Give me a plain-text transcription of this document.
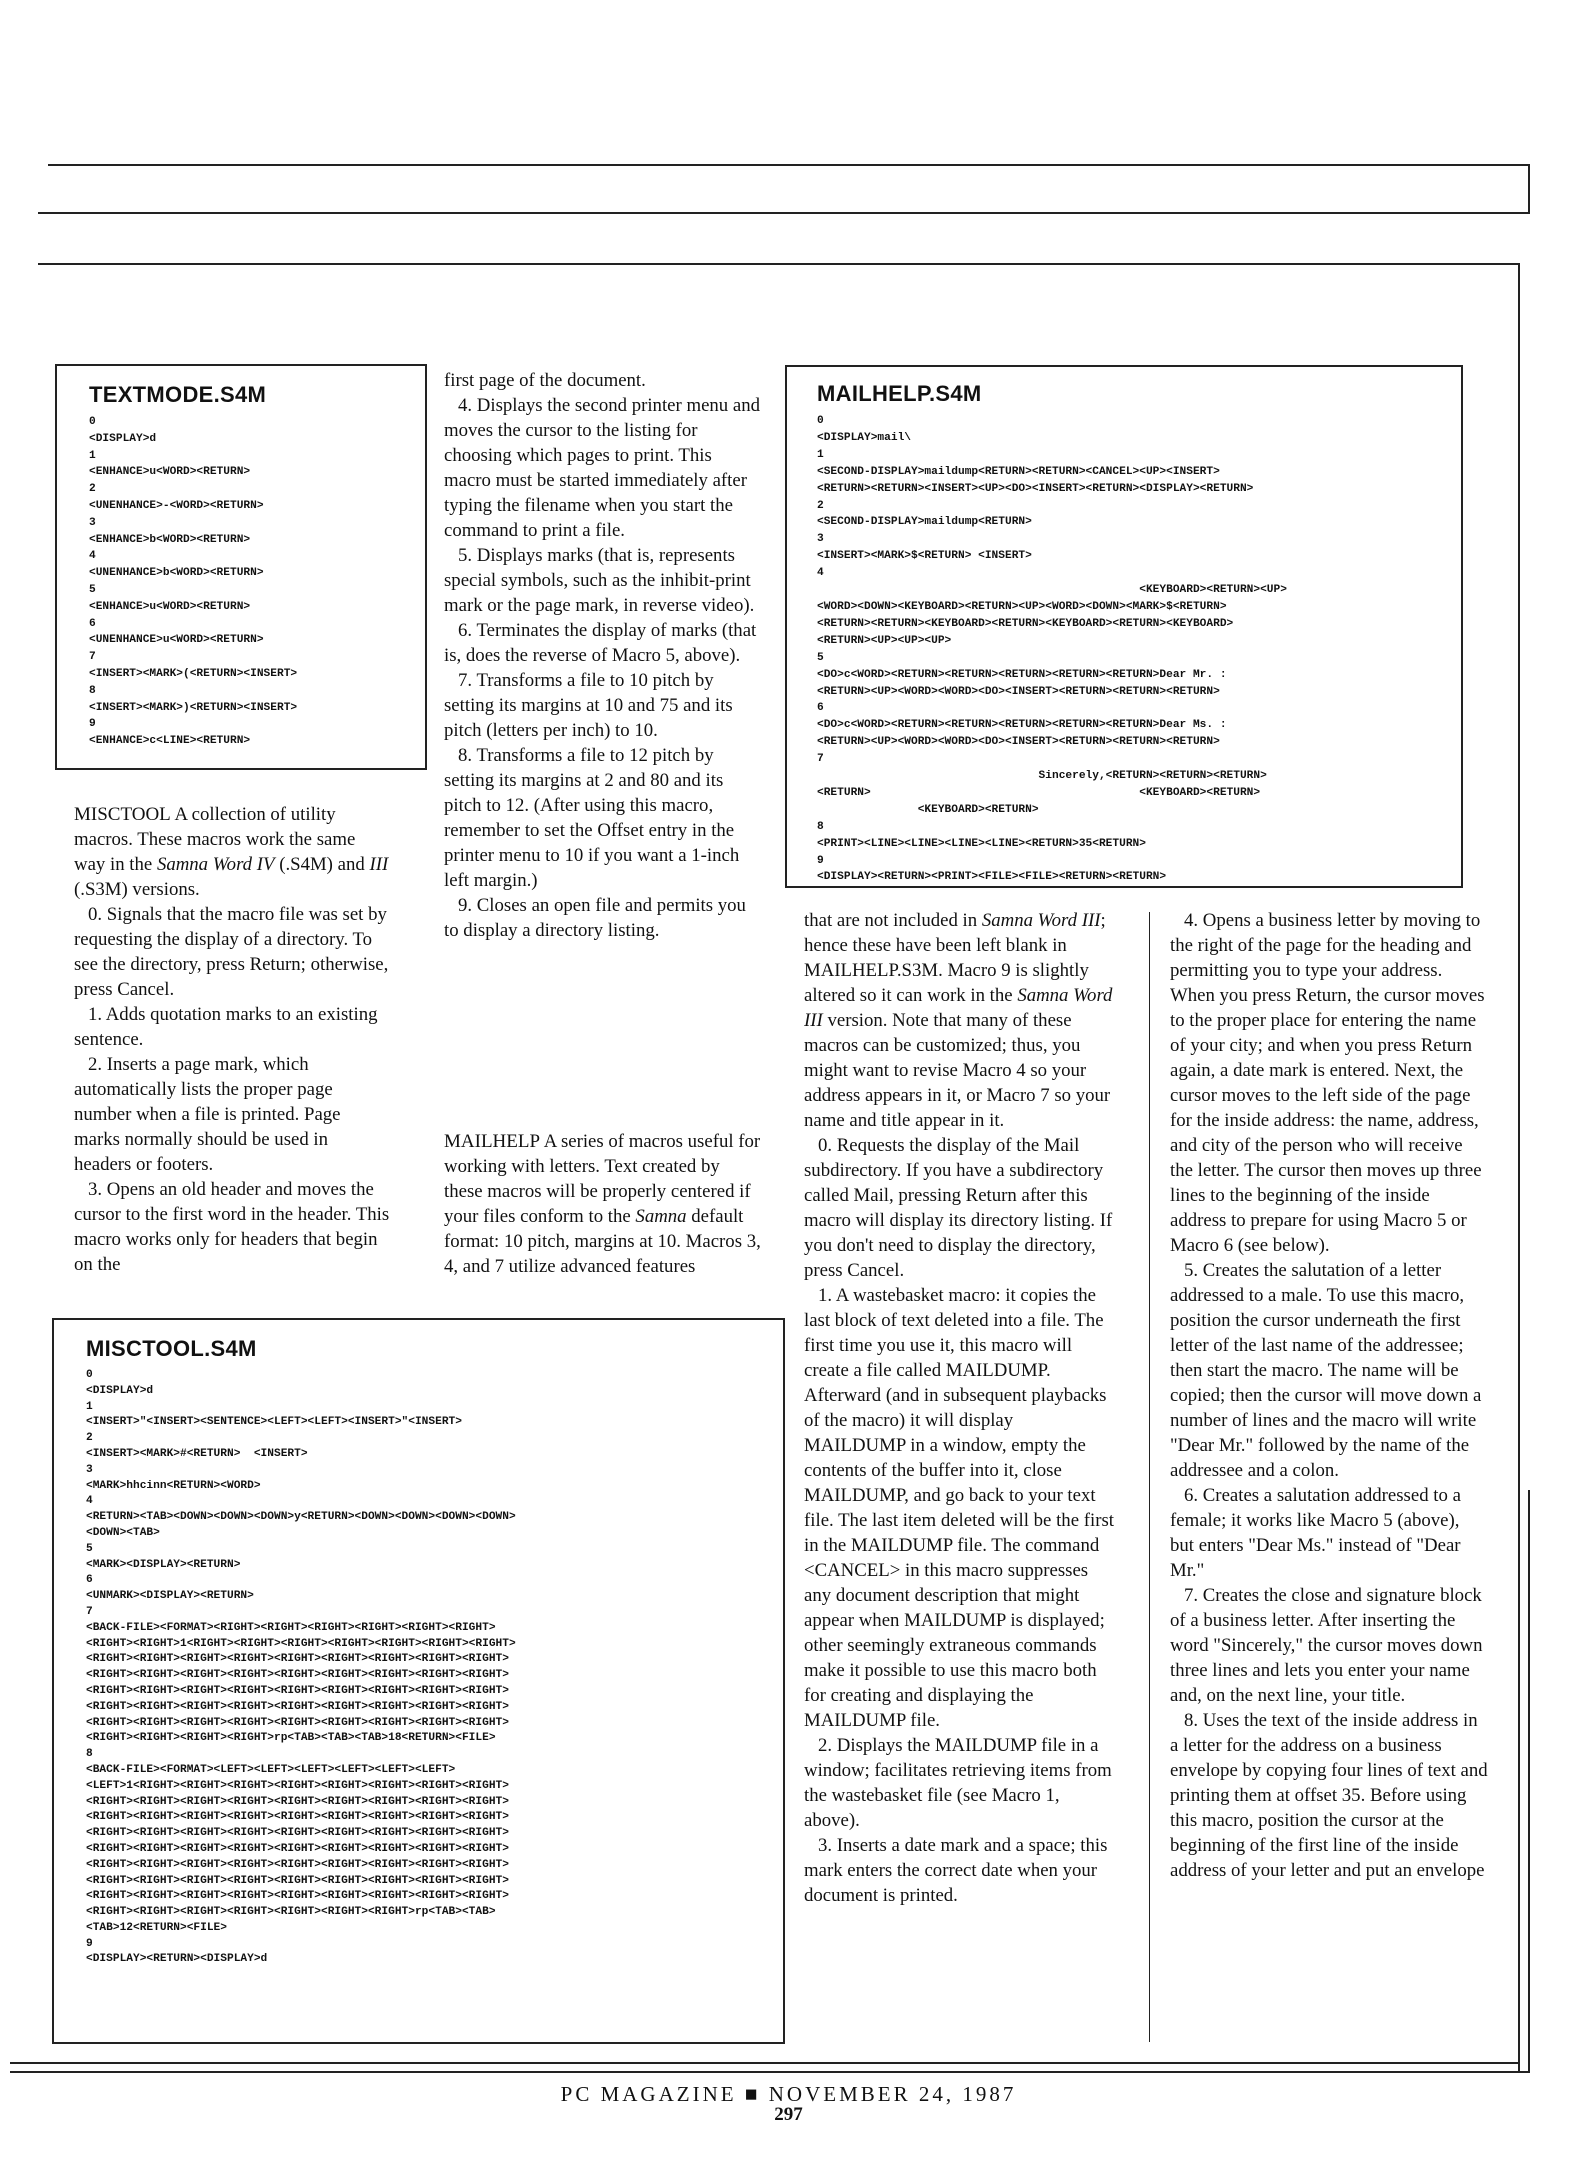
TEXTMODE.S4M
0
<DISPLAY>d
1
<ENHANCE>u<WORD><RETURN>
2
<UNENHANCE>-<WORD><RETURN>
3
<ENHANCE>b<WORD><RETURN>
4
<UNENHANCE>b<WORD><RETURN>
5
<ENHANCE>u<WORD><RETURN>
6
<UNENHANCE>u<WORD><RETURN>
7
<INSERT><MARK>(<RETURN><INSERT>
8
<INSERT><MARK>)<RETURN><INSERT>
9
<ENHANCE>c<LINE><RETURN>
MAILHELP.S4M
0
<DISPLAY>mail\
1
<SECOND-DISPLAY>maildump<RETURN><RETURN><CANCEL><UP><INSERT>
<RETURN><RETURN><INSERT><UP><DO><INSERT><RETURN><DISPLAY><RETURN>
2
<SECOND-DISPLAY>maildump<RETURN>
3
<INSERT><MARK>$<RETURN> <INSERT>
4
<KEYBOARD><RETURN><UP>
<WORD><DOWN><KEYBOARD><RETURN><UP><WORD><DOWN><MARK>$<RETURN>
<RETURN><RETURN><KEYBOARD><RETURN><KEYBOARD><RETURN><KEYBOARD>
<RETURN><UP><UP><UP>
5
<DO>c<WORD><RETURN><RETURN><RETURN><RETURN><RETURN>Dear Mr. :
<RETURN><UP><WORD><WORD><DO><INSERT><RETURN><RETURN><RETURN>
6
<DO>c<WORD><RETURN><RETURN><RETURN><RETURN><RETURN>Dear Ms. :
<RETURN><UP><WORD><WORD><DO><INSERT><RETURN><RETURN><RETURN>
7
Sincerely,<RETURN><RETURN><RETURN>
<RETURN>                                        <KEYBOARD><RETURN>
<KEYBOARD><RETURN>
8
<PRINT><LINE><LINE><LINE><LINE><RETURN>35<RETURN>
9
<DISPLAY><RETURN><PRINT><FILE><FILE><RETURN><RETURN>
MISCTOOL.S4M
0
<DISPLAY>d
1
<INSERT>"<INSERT><SENTENCE><LEFT><LEFT><INSERT>"<INSERT>
2
<INSERT><MARK>#<RETURN>  <INSERT>
3
<MARK>hhcinn<RETURN><WORD>
4
<RETURN><TAB><DOWN><DOWN><DOWN>y<RETURN><DOWN><DOWN><DOWN><DOWN>
<DOWN><TAB>
5
<MARK><DISPLAY><RETURN>
6
<UNMARK><DISPLAY><RETURN>
7
<BACK-FILE><FORMAT><RIGHT><RIGHT><RIGHT><RIGHT><RIGHT><RIGHT>
<RIGHT><RIGHT>1<RIGHT><RIGHT><RIGHT><RIGHT><RIGHT><RIGHT><RIGHT>
<RIGHT><RIGHT><RIGHT><RIGHT><RIGHT><RIGHT><RIGHT><RIGHT><RIGHT>
<RIGHT><RIGHT><RIGHT><RIGHT><RIGHT><RIGHT><RIGHT><RIGHT><RIGHT>
<RIGHT><RIGHT><RIGHT><RIGHT><RIGHT><RIGHT><RIGHT><RIGHT><RIGHT>
<RIGHT><RIGHT><RIGHT><RIGHT><RIGHT><RIGHT><RIGHT><RIGHT><RIGHT>
<RIGHT><RIGHT><RIGHT><RIGHT><RIGHT><RIGHT><RIGHT><RIGHT><RIGHT>
<RIGHT><RIGHT><RIGHT><RIGHT>rp<TAB><TAB><TAB>18<RETURN><FILE>
8
<BACK-FILE><FORMAT><LEFT><LEFT><LEFT><LEFT><LEFT><LEFT>
<LEFT>1<RIGHT><RIGHT><RIGHT><RIGHT><RIGHT><RIGHT><RIGHT><RIGHT>
<RIGHT><RIGHT><RIGHT><RIGHT><RIGHT><RIGHT><RIGHT><RIGHT><RIGHT>
<RIGHT><RIGHT><RIGHT><RIGHT><RIGHT><RIGHT><RIGHT><RIGHT><RIGHT>
<RIGHT><RIGHT><RIGHT><RIGHT><RIGHT><RIGHT><RIGHT><RIGHT><RIGHT>
<RIGHT><RIGHT><RIGHT><RIGHT><RIGHT><RIGHT><RIGHT><RIGHT><RIGHT>
<RIGHT><RIGHT><RIGHT><RIGHT><RIGHT><RIGHT><RIGHT><RIGHT><RIGHT>
<RIGHT><RIGHT><RIGHT><RIGHT><RIGHT><RIGHT><RIGHT><RIGHT><RIGHT>
<RIGHT><RIGHT><RIGHT><RIGHT><RIGHT><RIGHT><RIGHT><RIGHT><RIGHT>
<RIGHT><RIGHT><RIGHT><RIGHT><RIGHT><RIGHT><RIGHT>rp<TAB><TAB>
<TAB>12<RETURN><FILE>
9
<DISPLAY><RETURN><DISPLAY>d

MISCTOOL A collection of utility macros. These macros work the same way in the Samna Word IV (.S4M) and III (.S3M) versions.

0. Signals that the macro file was set by requesting the display of a directory. To see the directory, press Return; otherwise, press Cancel.

1. Adds quotation marks to an existing sentence.

2. Inserts a page mark, which automatically lists the proper page number when a file is printed. Page marks normally should be used in headers or footers.

3. Opens an old header and moves the cursor to the first word in the header. This macro works only for headers that begin on the

first page of the document.

4. Displays the second printer menu and moves the cursor to the listing for choosing which pages to print. This macro must be started immediately after typing the filename when you start the command to print a file.

5. Displays marks (that is, represents special symbols, such as the inhibit-print mark or the page mark, in reverse video).

6. Terminates the display of marks (that is, does the reverse of Macro 5, above).

7. Transforms a file to 10 pitch by setting its margins at 10 and 75 and its pitch (letters per inch) to 10.

8. Transforms a file to 12 pitch by setting its margins at 2 and 80 and its pitch to 12. (After using this macro, remember to set the Offset entry in the printer menu to 10 if you want a 1-inch left margin.)

9. Closes an open file and permits you to display a directory listing.

MAILHELP A series of macros useful for working with letters. Text created by these macros will be properly centered if your files conform to the Samna default format: 10 pitch, margins at 10. Macros 3, 4, and 7 utilize advanced features

that are not included in Samna Word III; hence these have been left blank in MAILHELP.S3M. Macro 9 is slightly altered so it can work in the Samna Word III version. Note that many of these macros can be customized; thus, you might want to revise Macro 4 so your address appears in it, or Macro 7 so your name and title appear in it.

0. Requests the display of the Mail subdirectory. If you have a subdirectory called Mail, pressing Return after this macro will display its directory listing. If you don't need to display the directory, press Cancel.

1. A wastebasket macro: it copies the last block of text deleted into a file. The first time you use it, this macro will create a file called MAILDUMP. Afterward (and in subsequent playbacks of the macro) it will display MAILDUMP in a window, empty the contents of the buffer into it, close MAILDUMP, and go back to your text file. The last item deleted will be the first in the MAILDUMP file. The command <CANCEL> in this macro suppresses any document description that might appear when MAILDUMP is displayed; other seemingly extraneous commands make it possible to use this macro both for creating and displaying the MAILDUMP file.

2. Displays the MAILDUMP file in a window; facilitates retrieving items from the wastebasket file (see Macro 1, above).

3. Inserts a date mark and a space; this mark enters the correct date when your document is printed.

4. Opens a business letter by moving to the right of the page for the heading and permitting you to type your address. When you press Return, the cursor moves to the proper place for entering the name of your city; and when you press Return again, a date mark is entered. Next, the cursor moves to the left side of the page for the inside address: the name, address, and city of the person who will receive the letter. The cursor then moves up three lines to the beginning of the inside address to prepare for using Macro 5 or Macro 6 (see below).

5. Creates the salutation of a letter addressed to a male. To use this macro, position the cursor underneath the first letter of the last name of the addressee; then start the macro. The name will be copied; then the cursor will move down a number of lines and the macro will write "Dear Mr." followed by the name of the addressee and a colon.

6. Creates a salutation addressed to a female; it works like Macro 5 (above), but enters "Dear Ms." instead of "Dear Mr."

7. Creates the close and signature block of a business letter. After inserting the word "Sincerely," the cursor moves down three lines and lets you enter your name and, on the next line, your title.

8. Uses the text of the inside address in a letter for the address on a business envelope by copying four lines of text and printing them at offset 35. Before using this macro, position the cursor at the beginning of the first line of the inside address of your letter and put an envelope

PC MAGAZINE ■ NOVEMBER 24, 1987
297
